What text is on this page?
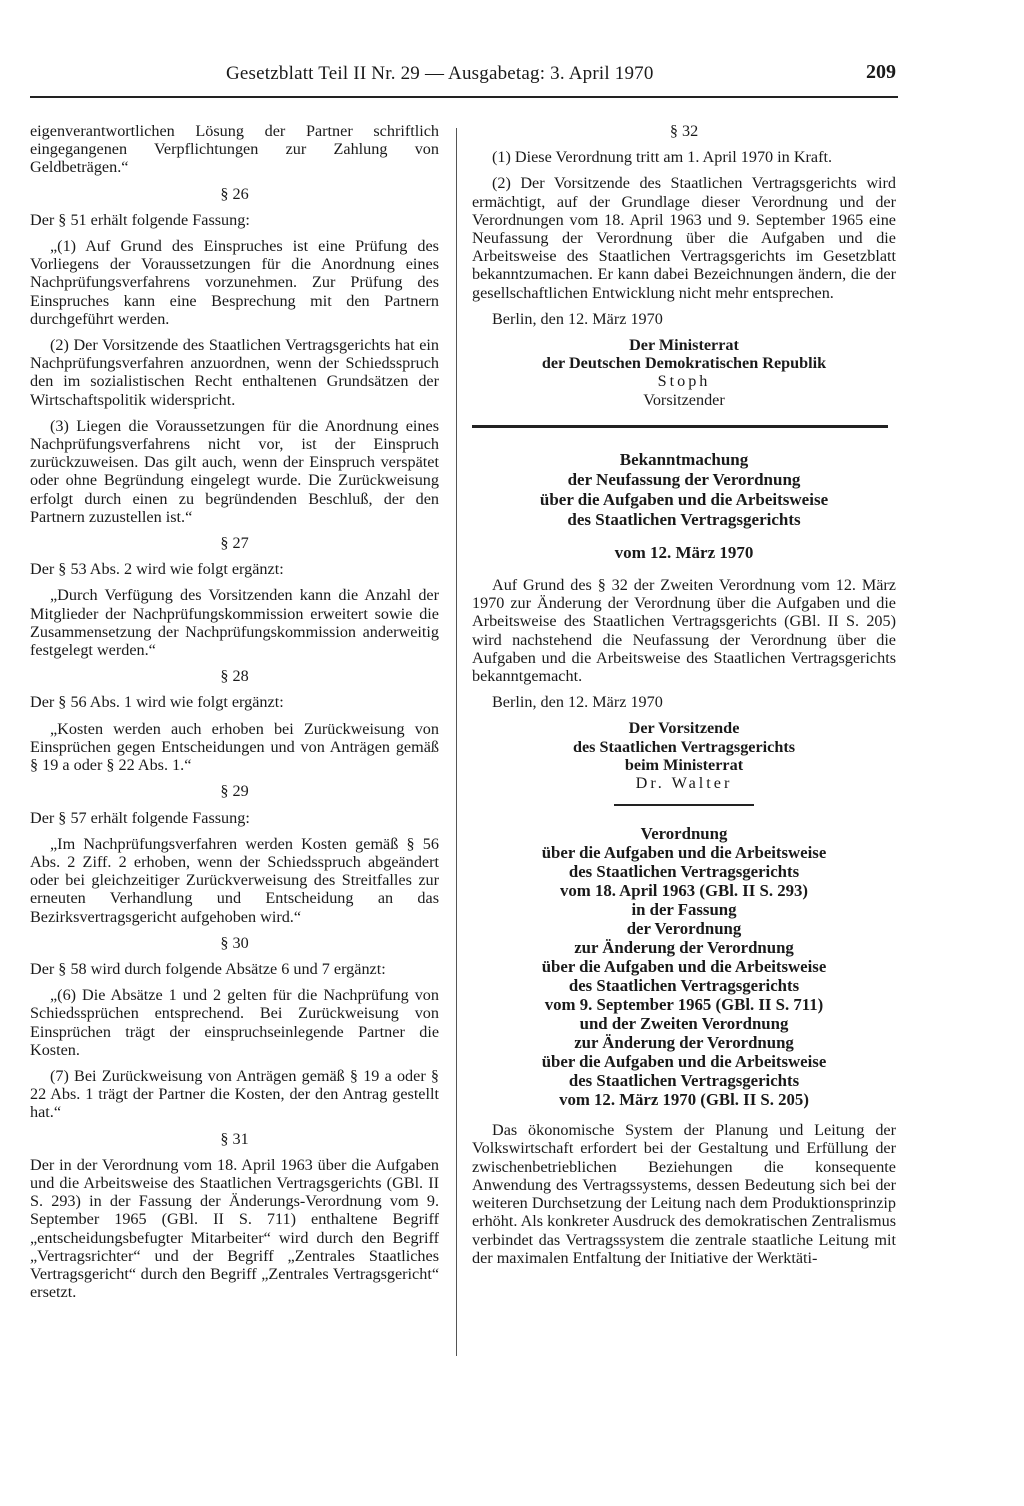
Gesetzblatt Teil II Nr. 29 — Ausgabetag: 3. April 1970	209

eigenverantwortlichen Lösung der Partner schriftlich eingegangenen Verpflichtungen zur Zahlung von Geldbeträgen.“

§ 26

Der § 51 erhält folgende Fassung:

„(1) Auf Grund des Einspruches ist eine Prüfung des Vorliegens der Voraussetzungen für die Anordnung eines Nachprüfungsverfahrens vorzunehmen. Zur Prüfung des Einspruches kann eine Besprechung mit den Partnern durchgeführt werden.

(2) Der Vorsitzende des Staatlichen Vertragsgerichts hat ein Nachprüfungsverfahren anzuordnen, wenn der Schiedsspruch den im sozialistischen Recht enthaltenen Grundsätzen der Wirtschaftspolitik widerspricht.

(3) Liegen die Voraussetzungen für die Anordnung eines Nachprüfungsverfahrens nicht vor, ist der Einspruch zurückzuweisen. Das gilt auch, wenn der Einspruch verspätet oder ohne Begründung eingelegt wurde. Die Zurückweisung erfolgt durch einen zu begründenden Beschluß, der den Partnern zuzustellen ist.“

§ 27

Der § 53 Abs. 2 wird wie folgt ergänzt:

„Durch Verfügung des Vorsitzenden kann die Anzahl der Mitglieder der Nachprüfungskommission erweitert sowie die Zusammensetzung der Nachprüfungskommission anderweitig festgelegt werden.“

§ 28

Der § 56 Abs. 1 wird wie folgt ergänzt:

„Kosten werden auch erhoben bei Zurückweisung von Einsprüchen gegen Entscheidungen und von Anträgen gemäß § 19 a oder § 22 Abs. 1.“

§ 29

Der § 57 erhält folgende Fassung:

„Im Nachprüfungsverfahren werden Kosten gemäß § 56 Abs. 2 Ziff. 2 erhoben, wenn der Schiedsspruch abgeändert oder bei gleichzeitiger Zurückverweisung des Streitfalles zur erneuten Verhandlung und Entscheidung an das Bezirksvertragsgericht aufgehoben wird.“

§ 30

Der § 58 wird durch folgende Absätze 6 und 7 ergänzt:

„(6) Die Absätze 1 und 2 gelten für die Nachprüfung von Schiedssprüchen entsprechend. Bei Zurückweisung von Einsprüchen trägt der einspruchseinlegende Partner die Kosten.

(7) Bei Zurückweisung von Anträgen gemäß § 19 a oder § 22 Abs. 1 trägt der Partner die Kosten, der den Antrag gestellt hat.“

§ 31

Der in der Verordnung vom 18. April 1963 über die Aufgaben und die Arbeitsweise des Staatlichen Vertragsgerichts (GBl. II S. 293) in der Fassung der Änderungs-Verordnung vom 9. September 1965 (GBl. II S. 711) enthaltene Begriff „entscheidungsbefugter Mitarbeiter“ wird durch den Begriff „Vertragsrichter“ und der Begriff „Zentrales Staatliches Vertragsgericht“ durch den Begriff „Zentrales Vertragsgericht“ ersetzt.

§ 32

(1) Diese Verordnung tritt am 1. April 1970 in Kraft.

(2) Der Vorsitzende des Staatlichen Vertragsgerichts wird ermächtigt, auf der Grundlage dieser Verordnung und der Verordnungen vom 18. April 1963 und 9. September 1965 eine Neufassung der Verordnung über die Aufgaben und die Arbeitsweise des Staatlichen Vertragsgerichts im Gesetzblatt bekanntzumachen. Er kann dabei Bezeichnungen ändern, die der gesellschaftlichen Entwicklung nicht mehr entsprechen.

Berlin, den 12. März 1970

Der Ministerrat
der Deutschen Demokratischen Republik
Stoph
Vorsitzender
Bekanntmachung
der Neufassung der Verordnung
über die Aufgaben und die Arbeitsweise
des Staatlichen Vertragsgerichts
vom 12. März 1970

Auf Grund des § 32 der Zweiten Verordnung vom 12. März 1970 zur Änderung der Verordnung über die Aufgaben und die Arbeitsweise des Staatlichen Vertragsgerichts (GBl. II S. 205) wird nachstehend die Neufassung der Verordnung über die Aufgaben und die Arbeitsweise des Staatlichen Vertragsgerichts bekanntgemacht.

Berlin, den 12. März 1970

Der Vorsitzende
des Staatlichen Vertragsgerichts
beim Ministerrat
Dr. Walter
Verordnung
über die Aufgaben und die Arbeitsweise
des Staatlichen Vertragsgerichts
vom 18. April 1963 (GBl. II S. 293)
in der Fassung
der Verordnung
zur Änderung der Verordnung
über die Aufgaben und die Arbeitsweise
des Staatlichen Vertragsgerichts
vom 9. September 1965 (GBl. II S. 711)
und der Zweiten Verordnung
zur Änderung der Verordnung
über die Aufgaben und die Arbeitsweise
des Staatlichen Vertragsgerichts
vom 12. März 1970 (GBl. II S. 205)

Das ökonomische System der Planung und Leitung der Volkswirtschaft erfordert bei der Gestaltung und Erfüllung der zwischenbetrieblichen Beziehungen die konsequente Anwendung des Vertragssystems, dessen Bedeutung sich bei der weiteren Durchsetzung der Leitung nach dem Produktionsprinzip erhöht. Als konkreter Ausdruck des demokratischen Zentralismus verbindet das Vertragssystem die zentrale staatliche Leitung mit der maximalen Entfaltung der Initiative der Werktäti-
